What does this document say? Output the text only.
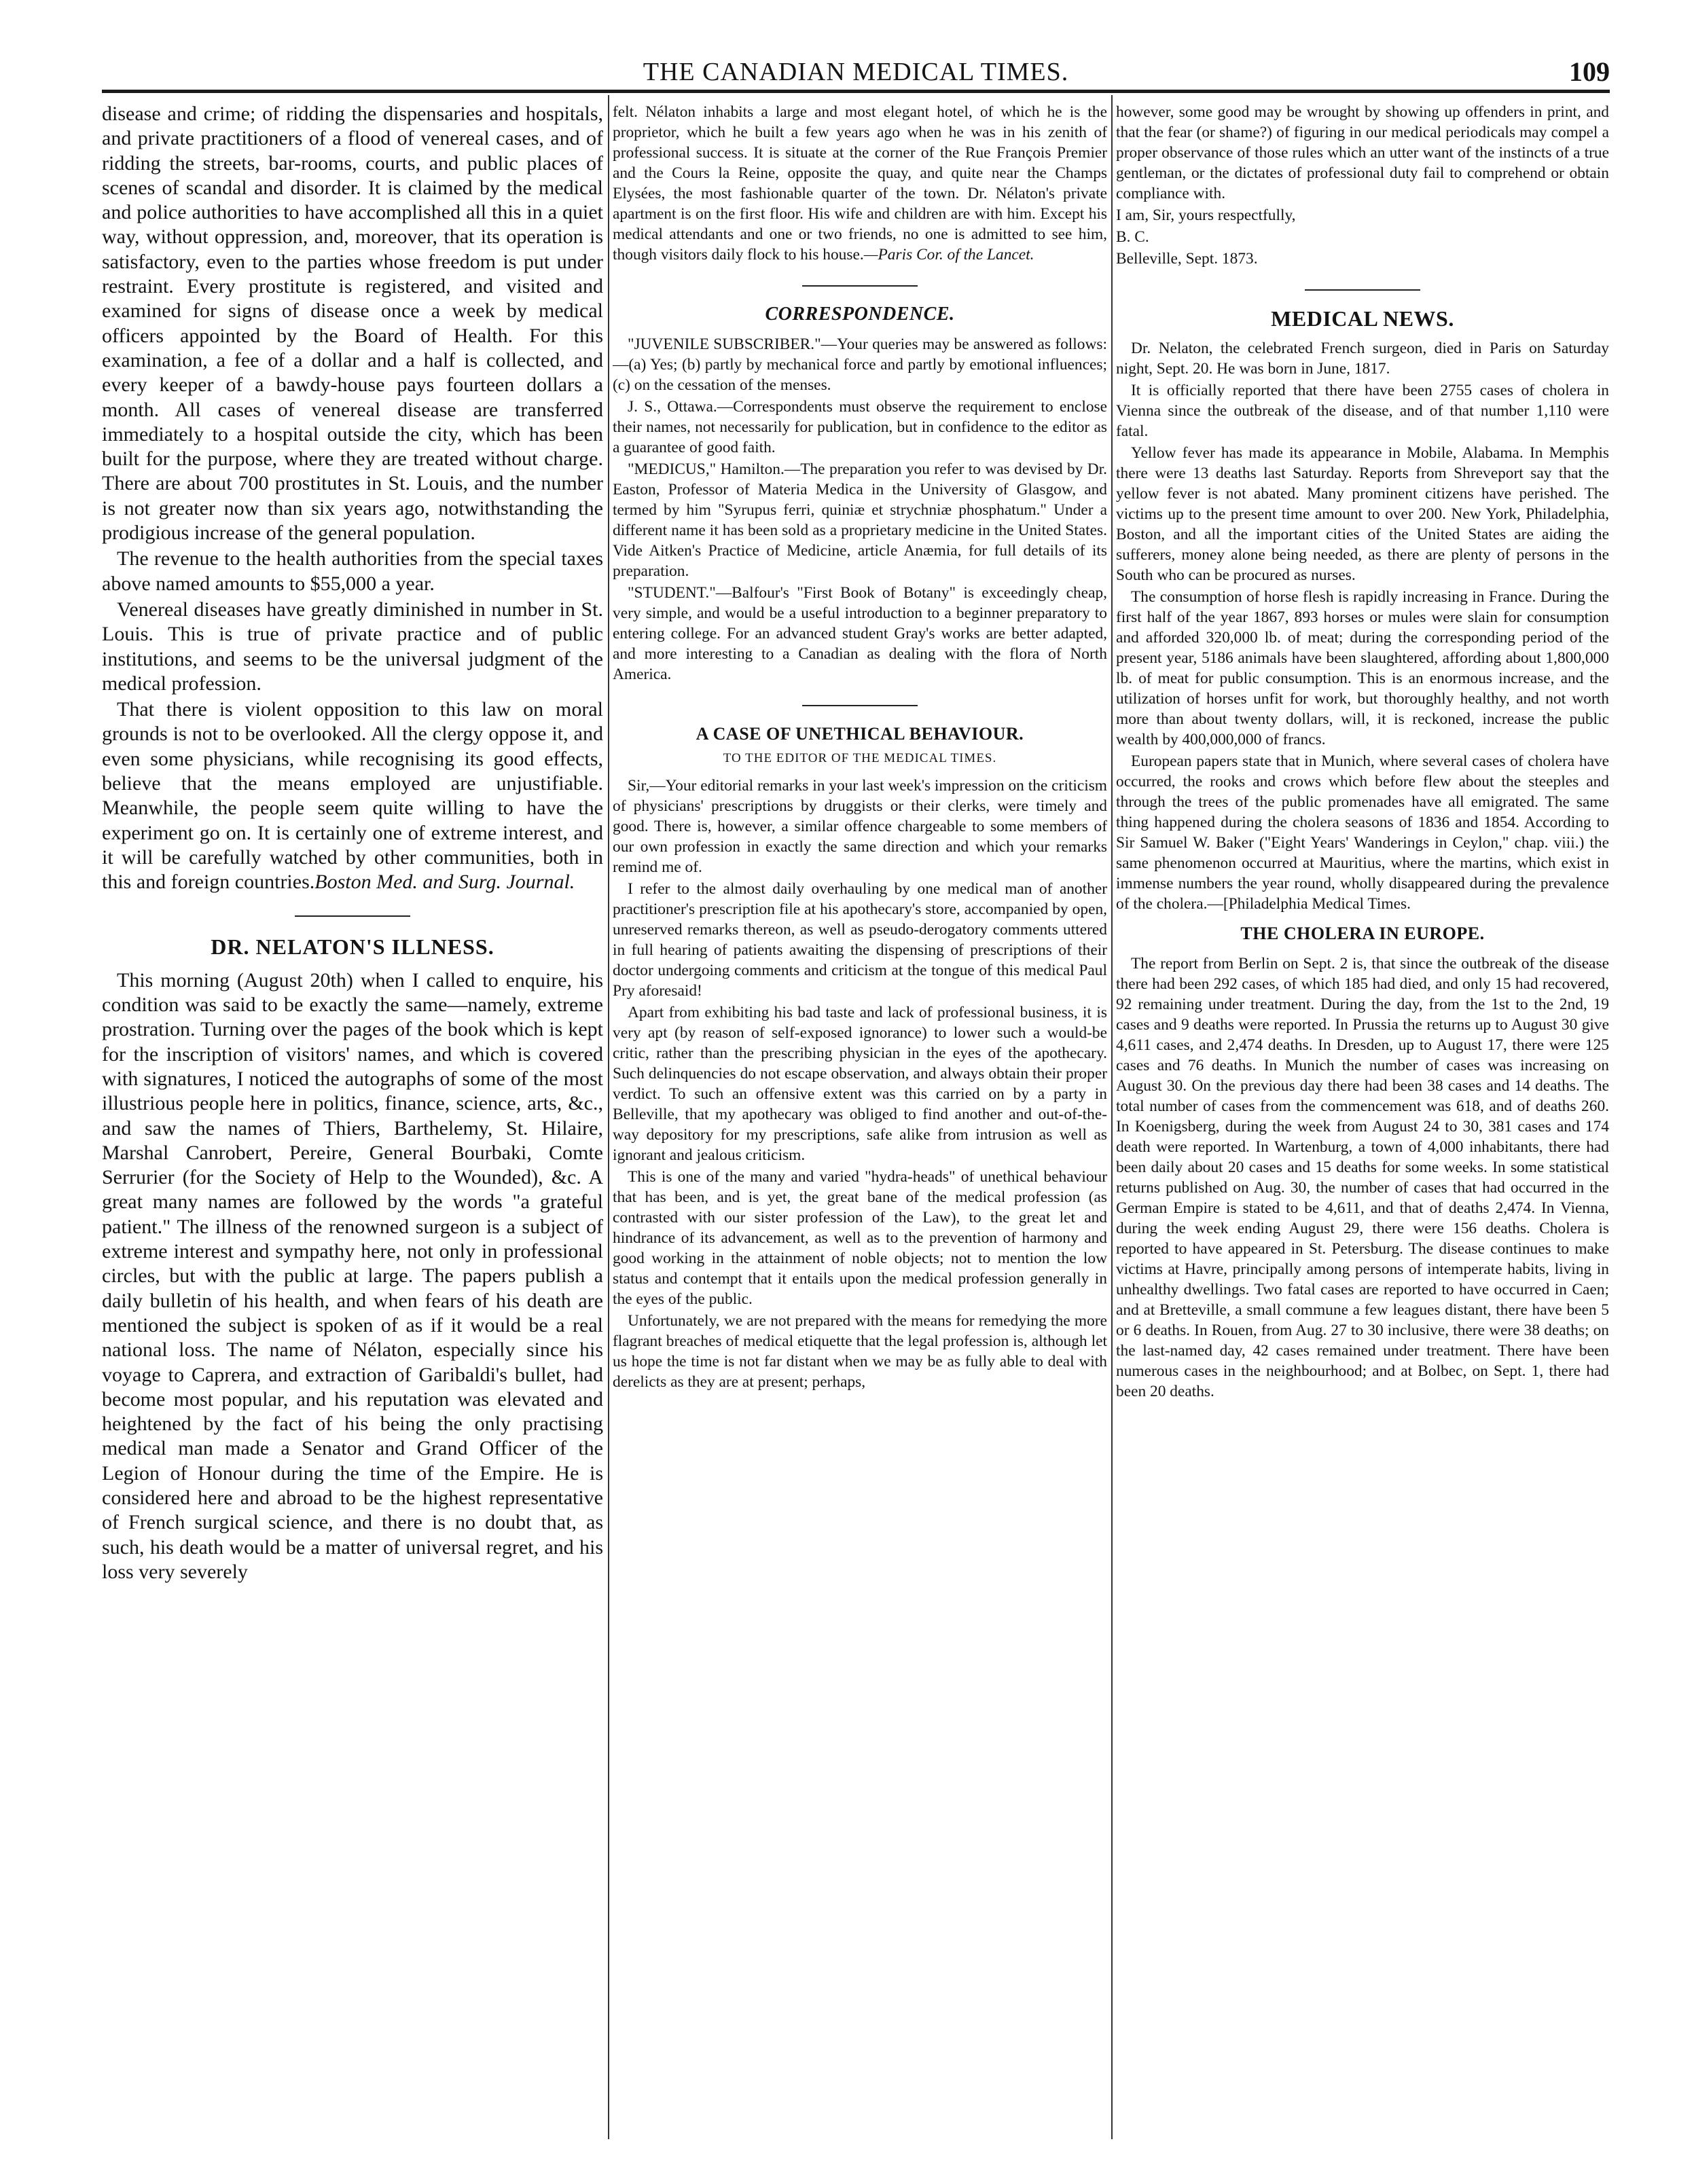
THE CANADIAN MEDICAL TIMES.	109

disease and crime; of ridding the dispensaries and hospitals, and private practitioners of a flood of venereal cases, and of ridding the streets, bar-rooms, courts, and public places of scenes of scandal and disorder. It is claimed by the medical and police authorities to have accomplished all this in a quiet way, without oppression, and, moreover, that its operation is satisfactory, even to the parties whose freedom is put under restraint. Every prostitute is registered, and visited and examined for signs of disease once a week by medical officers appointed by the Board of Health. For this examination, a fee of a dollar and a half is collected, and every keeper of a bawdy-house pays fourteen dollars a month. All cases of venereal disease are transferred immediately to a hospital outside the city, which has been built for the purpose, where they are treated without charge. There are about 700 prostitutes in St. Louis, and the number is not greater now than six years ago, notwithstanding the prodigious increase of the general population.

The revenue to the health authorities from the special taxes above named amounts to $55,000 a year.

Venereal diseases have greatly diminished in number in St. Louis. This is true of private practice and of public institutions, and seems to be the universal judgment of the medical profession.

That there is violent opposition to this law on moral grounds is not to be overlooked. All the clergy oppose it, and even some physicians, while recognising its good effects, believe that the means employed are unjustifiable. Meanwhile, the people seem quite willing to have the experiment go on. It is certainly one of extreme interest, and it will be carefully watched by other communities, both in this and foreign countries.Boston Med. and Surg. Journal.

DR. NELATON'S ILLNESS.

This morning (August 20th) when I called to enquire, his condition was said to be exactly the same—namely, extreme prostration. Turning over the pages of the book which is kept for the inscription of visitors' names, and which is covered with signatures, I noticed the autographs of some of the most illustrious people here in politics, finance, science, arts, &c., and saw the names of Thiers, Barthelemy, St. Hilaire, Marshal Canrobert, Pereire, General Bourbaki, Comte Serrurier (for the Society of Help to the Wounded), &c. A great many names are followed by the words "a grateful patient." The illness of the renowned surgeon is a subject of extreme interest and sympathy here, not only in professional circles, but with the public at large. The papers publish a daily bulletin of his health, and when fears of his death are mentioned the subject is spoken of as if it would be a real national loss. The name of Nélaton, especially since his voyage to Caprera, and extraction of Garibaldi's bullet, had become most popular, and his reputation was elevated and heightened by the fact of his being the only practising medical man made a Senator and Grand Officer of the Legion of Honour during the time of the Empire. He is considered here and abroad to be the highest representative of French surgical science, and there is no doubt that, as such, his death would be a matter of universal regret, and his loss very severely

felt. Nélaton inhabits a large and most elegant hotel, of which he is the proprietor, which he built a few years ago when he was in his zenith of professional success. It is situate at the corner of the Rue François Premier and the Cours la Reine, opposite the quay, and quite near the Champs Elysées, the most fashionable quarter of the town. Dr. Nélaton's private apartment is on the first floor. His wife and children are with him. Except his medical attendants and one or two friends, no one is admitted to see him, though visitors daily flock to his house.—Paris Cor. of the Lancet.

CORRESPONDENCE.

"JUVENILE SUBSCRIBER."—Your queries may be answered as follows:—(a) Yes; (b) partly by mechanical force and partly by emotional influences; (c) on the cessation of the menses.

J. S., Ottawa.—Correspondents must observe the requirement to enclose their names, not necessarily for publication, but in confidence to the editor as a guarantee of good faith.

"MEDICUS," Hamilton.—The preparation you refer to was devised by Dr. Easton, Professor of Materia Medica in the University of Glasgow, and termed by him "Syrupus ferri, quiniæ et strychniæ phosphatum." Under a different name it has been sold as a proprietary medicine in the United States. Vide Aitken's Practice of Medicine, article Anæmia, for full details of its preparation.

"STUDENT."—Balfour's "First Book of Botany" is exceedingly cheap, very simple, and would be a useful introduction to a beginner preparatory to entering college. For an advanced student Gray's works are better adapted, and more interesting to a Canadian as dealing with the flora of North America.

A CASE OF UNETHICAL BEHAVIOUR.
TO THE EDITOR OF THE MEDICAL TIMES.

Sir,—Your editorial remarks in your last week's impression on the criticism of physicians' prescriptions by druggists or their clerks, were timely and good. There is, however, a similar offence chargeable to some members of our own profession in exactly the same direction and which your remarks remind me of.

I refer to the almost daily overhauling by one medical man of another practitioner's prescription file at his apothecary's store, accompanied by open, unreserved remarks thereon, as well as pseudo-derogatory comments uttered in full hearing of patients awaiting the dispensing of prescriptions of their doctor undergoing comments and criticism at the tongue of this medical Paul Pry aforesaid!

Apart from exhibiting his bad taste and lack of professional business, it is very apt (by reason of self-exposed ignorance) to lower such a would-be critic, rather than the prescribing physician in the eyes of the apothecary. Such delinquencies do not escape observation, and always obtain their proper verdict. To such an offensive extent was this carried on by a party in Belleville, that my apothecary was obliged to find another and out-of-the-way depository for my prescriptions, safe alike from intrusion as well as ignorant and jealous criticism.

This is one of the many and varied "hydra-heads" of unethical behaviour that has been, and is yet, the great bane of the medical profession (as contrasted with our sister profession of the Law), to the great let and hindrance of its advancement, as well as to the prevention of harmony and good working in the attainment of noble objects; not to mention the low status and contempt that it entails upon the medical profession generally in the eyes of the public.

Unfortunately, we are not prepared with the means for remedying the more flagrant breaches of medical etiquette that the legal profession is, although let us hope the time is not far distant when we may be as fully able to deal with derelicts as they are at present; perhaps,

however, some good may be wrought by showing up offenders in print, and that the fear (or shame?) of figuring in our medical periodicals may compel a proper observance of those rules which an utter want of the instincts of a true gentleman, or the dictates of professional duty fail to comprehend or obtain compliance with.

I am, Sir, yours respectfully,

B. C.

Belleville, Sept. 1873.

MEDICAL NEWS.

Dr. Nelaton, the celebrated French surgeon, died in Paris on Saturday night, Sept. 20. He was born in June, 1817.

It is officially reported that there have been 2755 cases of cholera in Vienna since the outbreak of the disease, and of that number 1,110 were fatal.

Yellow fever has made its appearance in Mobile, Alabama. In Memphis there were 13 deaths last Saturday. Reports from Shreveport say that the yellow fever is not abated. Many prominent citizens have perished. The victims up to the present time amount to over 200. New York, Philadelphia, Boston, and all the important cities of the United States are aiding the sufferers, money alone being needed, as there are plenty of persons in the South who can be procured as nurses.

The consumption of horse flesh is rapidly increasing in France. During the first half of the year 1867, 893 horses or mules were slain for consumption and afforded 320,000 lb. of meat; during the corresponding period of the present year, 5186 animals have been slaughtered, affording about 1,800,000 lb. of meat for public consumption. This is an enormous increase, and the utilization of horses unfit for work, but thoroughly healthy, and not worth more than about twenty dollars, will, it is reckoned, increase the public wealth by 400,000,000 of francs.

European papers state that in Munich, where several cases of cholera have occurred, the rooks and crows which before flew about the steeples and through the trees of the public promenades have all emigrated. The same thing happened during the cholera seasons of 1836 and 1854. According to Sir Samuel W. Baker ("Eight Years' Wanderings in Ceylon," chap. viii.) the same phenomenon occurred at Mauritius, where the martins, which exist in immense numbers the year round, wholly disappeared during the prevalence of the cholera.—[Philadelphia Medical Times.

THE CHOLERA IN EUROPE.

The report from Berlin on Sept. 2 is, that since the outbreak of the disease there had been 292 cases, of which 185 had died, and only 15 had recovered, 92 remaining under treatment. During the day, from the 1st to the 2nd, 19 cases and 9 deaths were reported. In Prussia the returns up to August 30 give 4,611 cases, and 2,474 deaths. In Dresden, up to August 17, there were 125 cases and 76 deaths. In Munich the number of cases was increasing on August 30. On the previous day there had been 38 cases and 14 deaths. The total number of cases from the commencement was 618, and of deaths 260. In Koenigsberg, during the week from August 24 to 30, 381 cases and 174 death were reported. In Wartenburg, a town of 4,000 inhabitants, there had been daily about 20 cases and 15 deaths for some weeks. In some statistical returns published on Aug. 30, the number of cases that had occurred in the German Empire is stated to be 4,611, and that of deaths 2,474. In Vienna, during the week ending August 29, there were 156 deaths. Cholera is reported to have appeared in St. Petersburg. The disease continues to make victims at Havre, principally among persons of intemperate habits, living in unhealthy dwellings. Two fatal cases are reported to have occurred in Caen; and at Bretteville, a small commune a few leagues distant, there have been 5 or 6 deaths. In Rouen, from Aug. 27 to 30 inclusive, there were 38 deaths; on the last-named day, 42 cases remained under treatment. There have been numerous cases in the neighbourhood; and at Bolbec, on Sept. 1, there had been 20 deaths.
